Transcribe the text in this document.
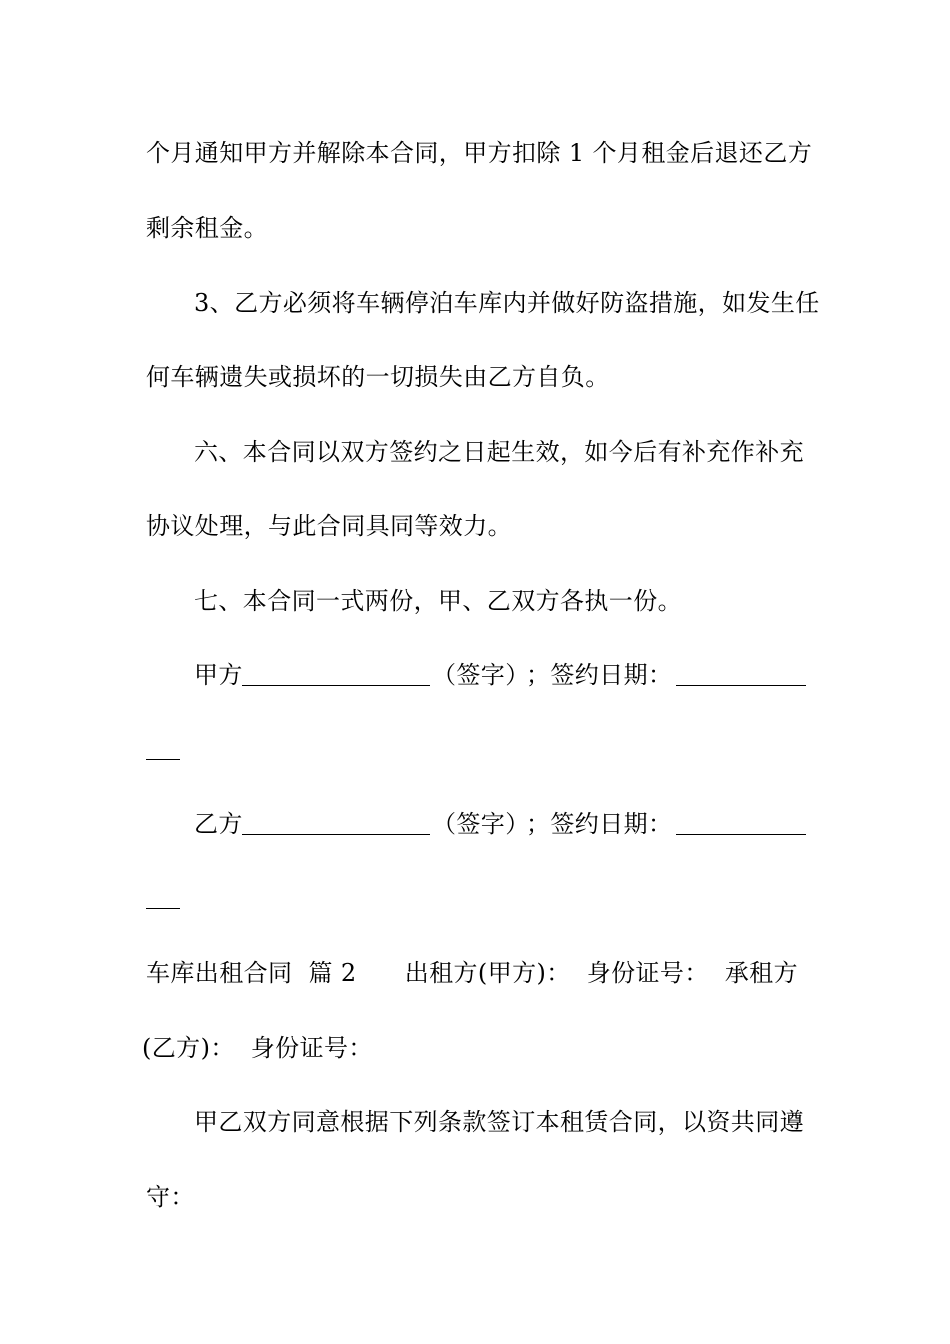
个月通知甲方并解除本合同，甲方扣除 1 个月租金后退还乙方
剩余租金。
3、乙方必须将车辆停泊车库内并做好防盗措施，如发生任
何车辆遗失或损坏的一切损失由乙方自负。
六、本合同以双方签约之日起生效，如今后有补充作补充
协议处理，与此合同具同等效力。
七、本合同一式两份，甲、乙双方各执一份。
甲方	（签字）
；签约日期：
乙方	（签字）
；签约日期：
车库出租合同  篇 2      出租方(甲方)：  身份证号：  承租方
(乙方)：  身份证号：
甲乙双方同意根据下列条款签订本租赁合同，以资共同遵
守：
